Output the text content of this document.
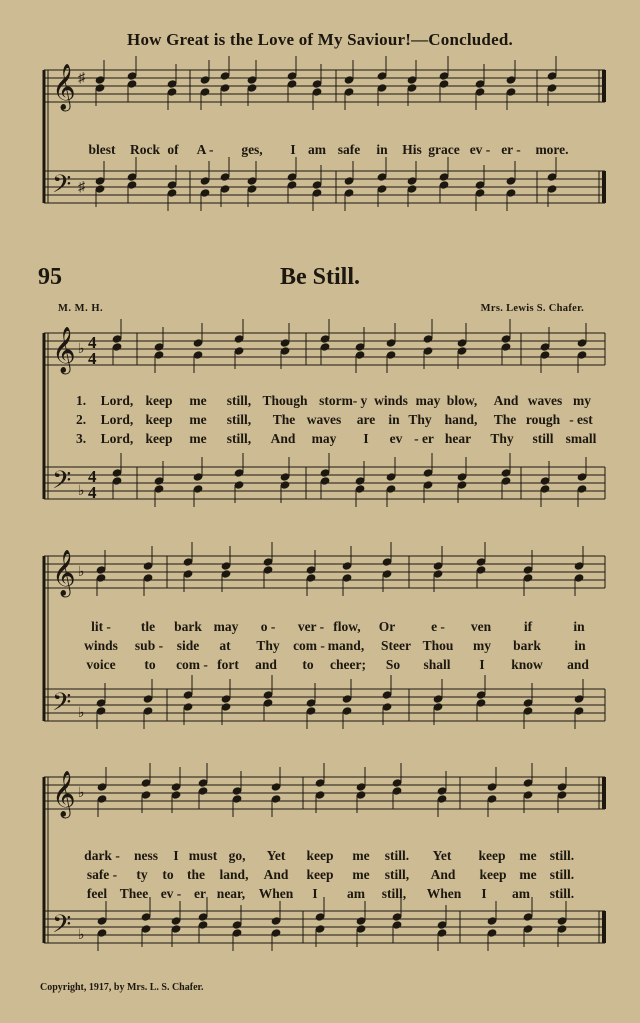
How Great is the Love of My Saviour!—Concluded.
𝄞
𝄢
♯
♯
𝄞
𝄢
♭
♭
4
4
4
4
𝄞
𝄢
♭
♭
𝄞
𝄢
♭
♭
blest Rock of A - ges, I am safe in His grace ev - er - more.
95	Be Still.
M. M. H.	Mrs. Lewis S. Chafer.
1. Lord, keep me still, Though storm - y winds may blow, And waves my
2. Lord, keep me still, The waves are in Thy hand, The rough - est
3. Lord, keep me still, And may I ev - er hear Thy still small
lit - tle bark may o - ver - flow, Or	e - ven if	in
winds sub - side at Thy com - mand, Steer Thou my bark in
voice to com - fort and to cheer; So shall I know and
dark - ness I must go, Yet keep me still. Yet keep me still.
safe - ty to the land, And keep me still, And keep me still.
feel Thee ev - er near, When I am still, When I am still.
Copyright, 1917, by Mrs. L. S. Chafer.
